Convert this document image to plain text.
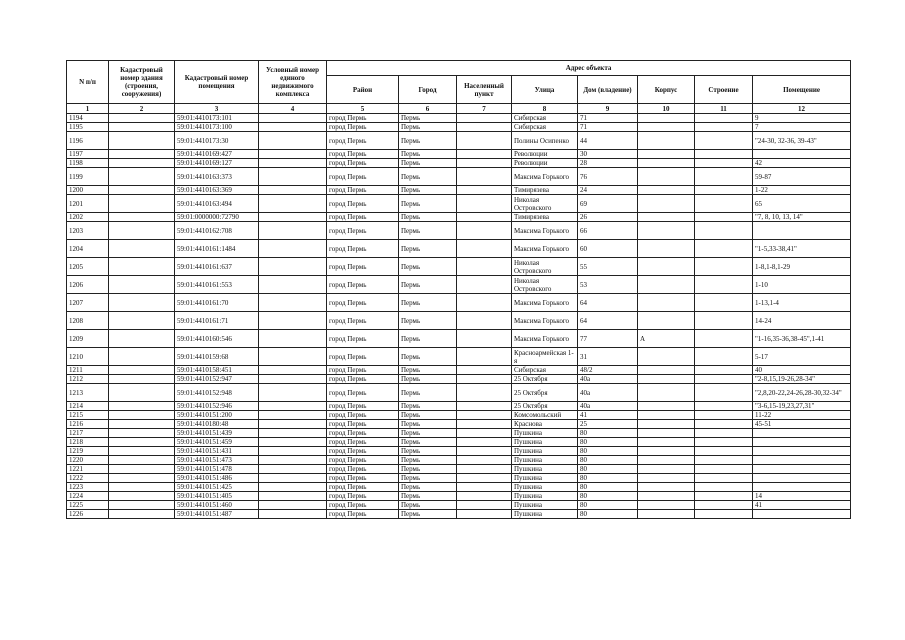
N п/п	Кадастровый номер здания (строения, сооружения)	Кадастровый номер помещения	Условный номер единого недвижимого комплекса	Адрес объекта							
				Район	Город	Населенный пункт	Улица	Дом (владение)	Корпус	Строение	Помещение
1	2	3	4	5	6	7	8	9	10	11	12
1194		59:01:4410173:101		город Пермь	Пермь		Сибирская	71			9
1195		59:01:4410173:100		город Пермь	Пермь		Сибирская	71			7
1196		59:01:4410173:30		город Пермь	Пермь		Полины Осипенко	44			"24-30, 32-36, 39-43"
1197		59:01:4410169:427		город Пермь	Пермь		Революции	30			
1198		59:01:4410169:127		город Пермь	Пермь		Революции	28			42
1199		59:01:4410163:373		город Пермь	Пермь		Максима Горького	76			59-87
1200		59:01:4410163:369		город Пермь	Пермь		Тимирязева	24			1-22
1201		59:01:4410163:494		город Пермь	Пермь		Николая Островского	69			65
1202		59:01:0000000:72790		город Пермь	Пермь		Тимирязева	26			"7, 8, 10, 13, 14"
1203		59:01:4410162:708		город Пермь	Пермь		Максима Горького	66			
1204		59:01:4410161:1484		город Пермь	Пермь		Максима Горького	60			"1-5,33-38,41"
1205		59:01:4410161:637		город Пермь	Пермь		Николая Островского	55			1-8,1-8,1-29
1206		59:01:4410161:553		город Пермь	Пермь		Николая Островского	53			1-10
1207		59:01:4410161:70		город Пермь	Пермь		Максима Горького	64			1-13,1-4
1208		59:01:4410161:71		город Пермь	Пермь		Максима Горького	64			14-24
1209		59:01:4410160:546		город Пермь	Пермь		Максима Горького	77	А		"1-16,35-36,38-45",1-41
1210		59:01:4410159:68		город Пермь	Пермь		Красноармейская 1-я	31			5-17
1211		59:01:4410158:451		город Пермь	Пермь		Сибирская	48/2			40
1212		59:01:4410152:947		город Пермь	Пермь		25 Октября	40а			"2-8,15,19-26,28-34"
1213		59:01:4410152:948		город Пермь	Пермь		25 Октября	40а			"2,8,20-22,24-26,28-30,32-34"
1214		59:01:4410152:946		город Пермь	Пермь		25 Октября	40а			"3-6,15-19,23,27,31"
1215		59:01:4410151:200		город Пермь	Пермь		Комсомольский	41			11-22
1216		59:01:4410180:48		город Пермь	Пермь		Краснова	25			45-51
1217		59:01:4410151:439		город Пермь	Пермь		Пушкина	80			
1218		59:01:4410151:459		город Пермь	Пермь		Пушкина	80			
1219		59:01:4410151:431		город Пермь	Пермь		Пушкина	80			
1220		59:01:4410151:473		город Пермь	Пермь		Пушкина	80			
1221		59:01:4410151:478		город Пермь	Пермь		Пушкина	80			
1222		59:01:4410151:486		город Пермь	Пермь		Пушкина	80			
1223		59:01:4410151:425		город Пермь	Пермь		Пушкина	80			
1224		59:01:4410151:405		город Пермь	Пермь		Пушкина	80			14
1225		59:01:4410151:460		город Пермь	Пермь		Пушкина	80			41
1226		59:01:4410151:487		город Пермь	Пермь		Пушкина	80			
